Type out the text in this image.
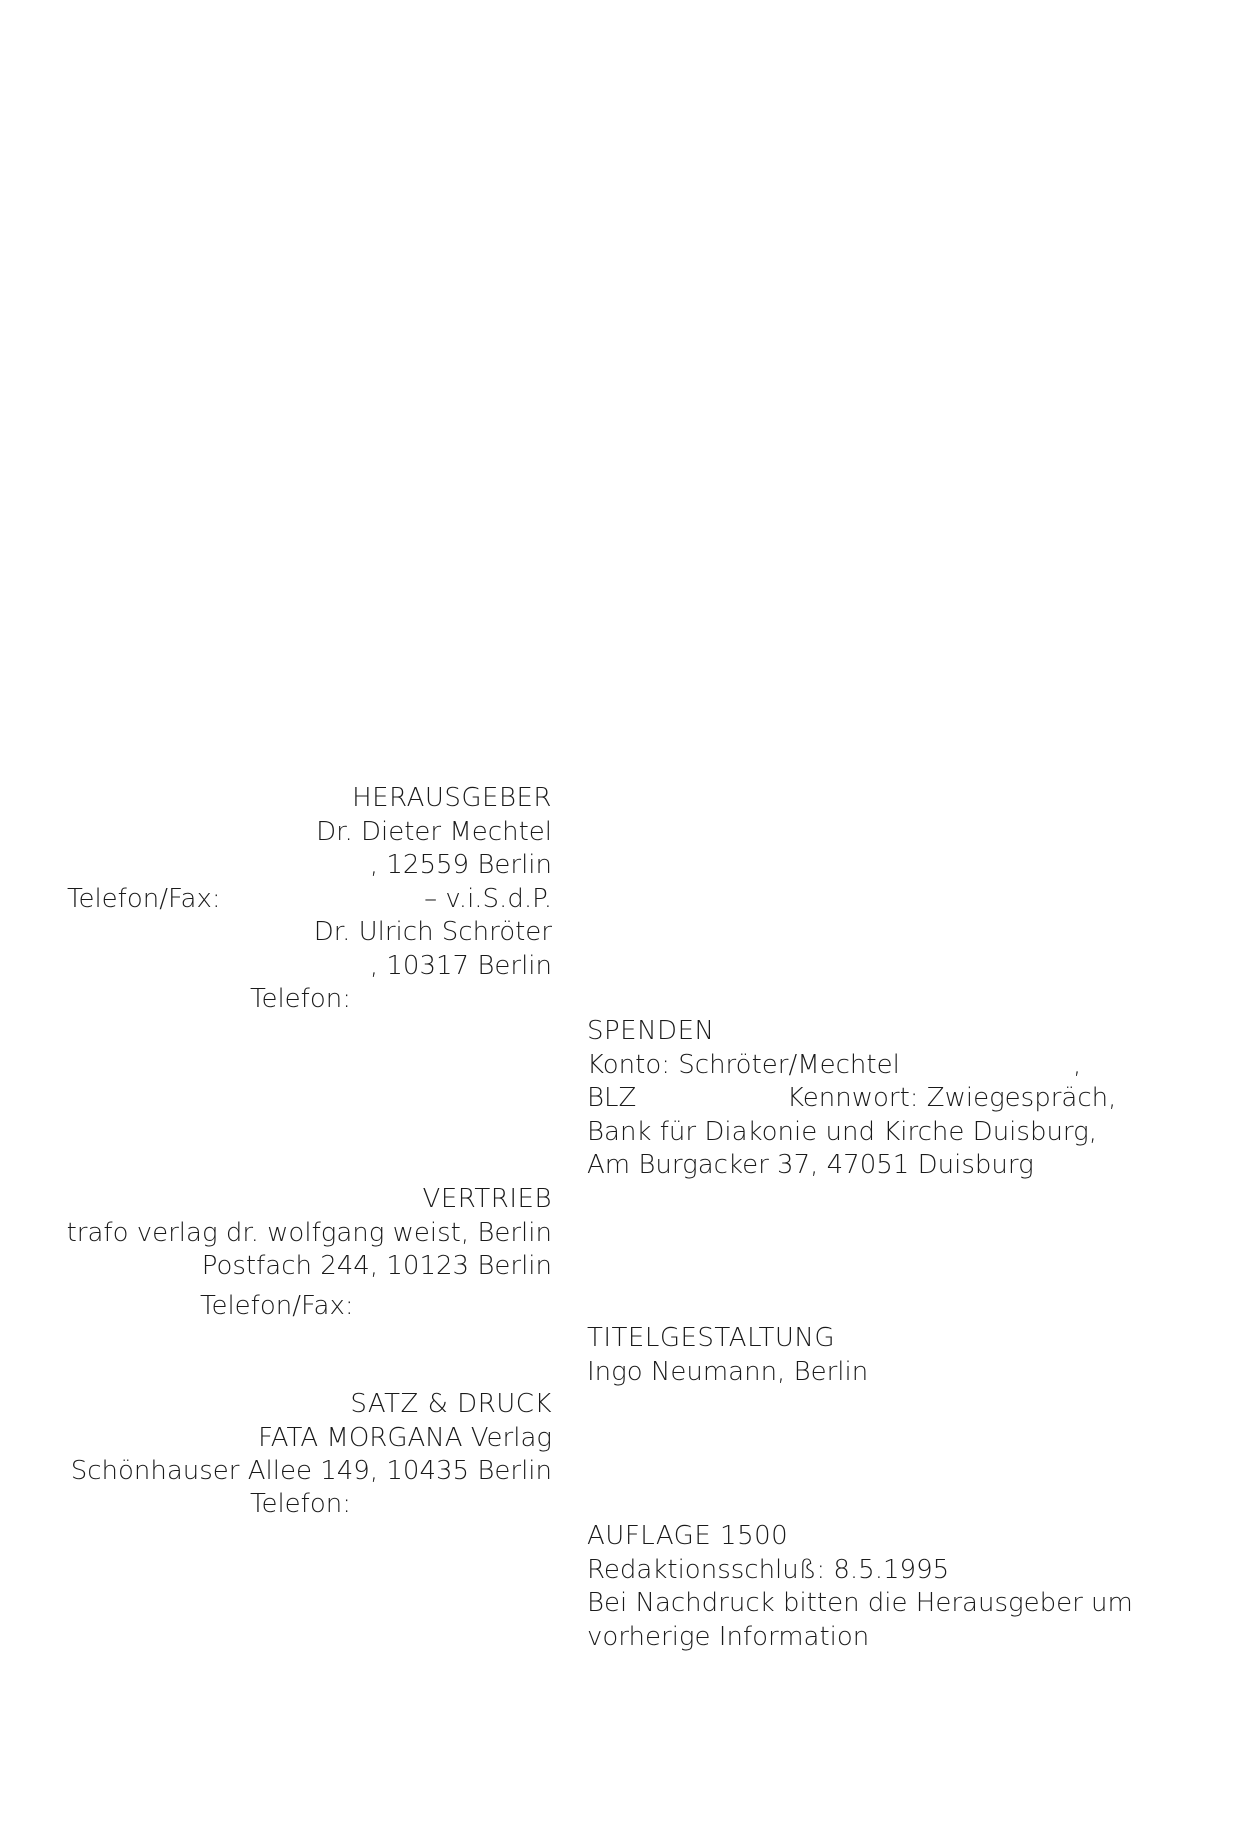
HERAUSGEBER
Dr. Dieter Mechtel
, 12559 Berlin
– v.i.S.d.P.
Dr. Ulrich Schröter
, 10317 Berlin
Telefon/Fax:
Telefon:
SPENDEN
Konto: Schröter/Mechtel	,
BLZ	Kennwort: Zwiegespräch,
Bank für Diakonie und Kirche Duisburg,
Am Burgacker 37, 47051 Duisburg
VERTRIEB
trafo verlag dr. wolfgang weist, Berlin
Postfach 244, 10123 Berlin
Telefon/Fax:
TITELGESTALTUNG
Ingo Neumann, Berlin
SATZ & DRUCK
FATA MORGANA Verlag
Schönhauser Allee 149, 10435 Berlin
Telefon:
AUFLAGE 1500
Redaktionsschluß: 8.5.1995
Bei Nachdruck bitten die Herausgeber um
vorherige Information
